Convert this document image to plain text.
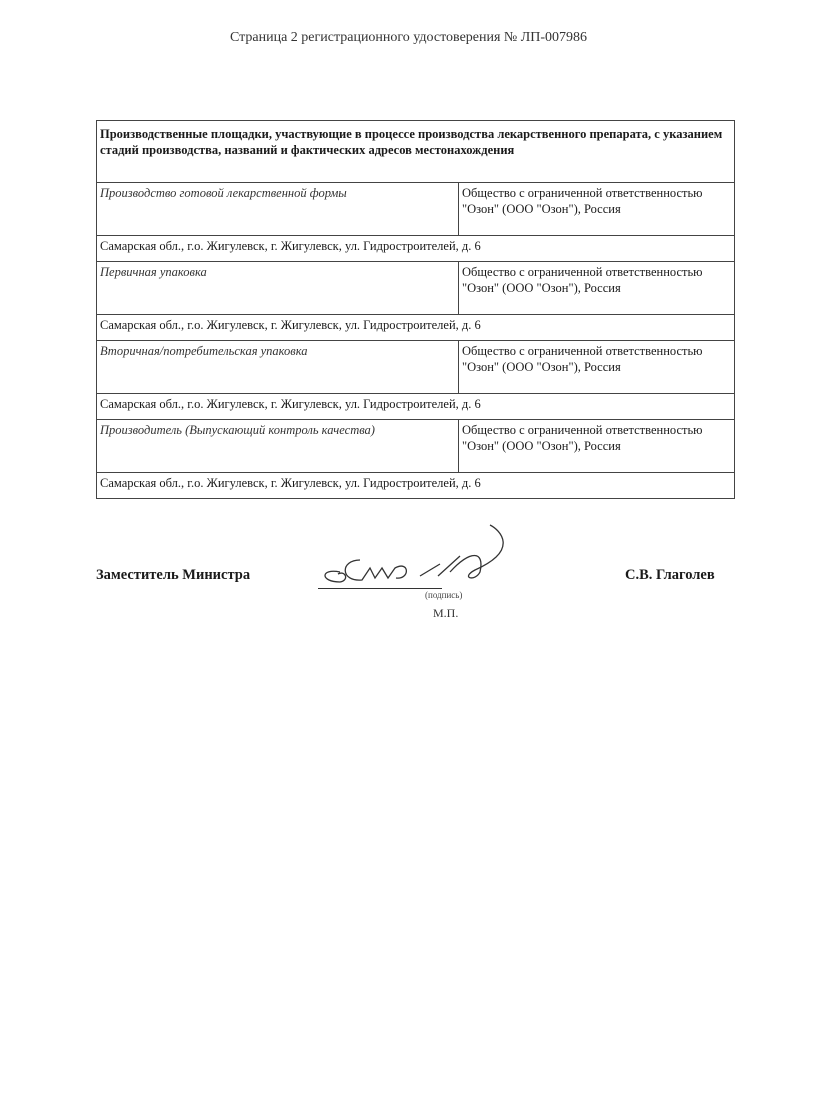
Страница 2 регистрационного удостоверения № ЛП-007986
Производственные площадки, участвующие в процессе производства лекарственного препарата, с указанием стадий производства, названий и фактических адресов местонахождения	
Производство готовой лекарственной формы	Общество с ограниченной ответственностью "Озон" (ООО "Озон"), Россия
Самарская обл., г.о. Жигулевск, г. Жигулевск, ул. Гидростроителей, д. 6	
Первичная упаковка	Общество с ограниченной ответственностью "Озон" (ООО "Озон"), Россия
Самарская обл., г.о. Жигулевск, г. Жигулевск, ул. Гидростроителей, д. 6	
Вторичная/потребительская упаковка	Общество с ограниченной ответственностью "Озон" (ООО "Озон"), Россия
Самарская обл., г.о. Жигулевск, г. Жигулевск, ул. Гидростроителей, д. 6	
Производитель (Выпускающий контроль качества)	Общество с ограниченной ответственностью "Озон" (ООО "Озон"), Россия
Самарская обл., г.о. Жигулевск, г. Жигулевск, ул. Гидростроителей, д. 6	
Заместитель Министра
(подпись)
М.П.
С.В. Глаголев
